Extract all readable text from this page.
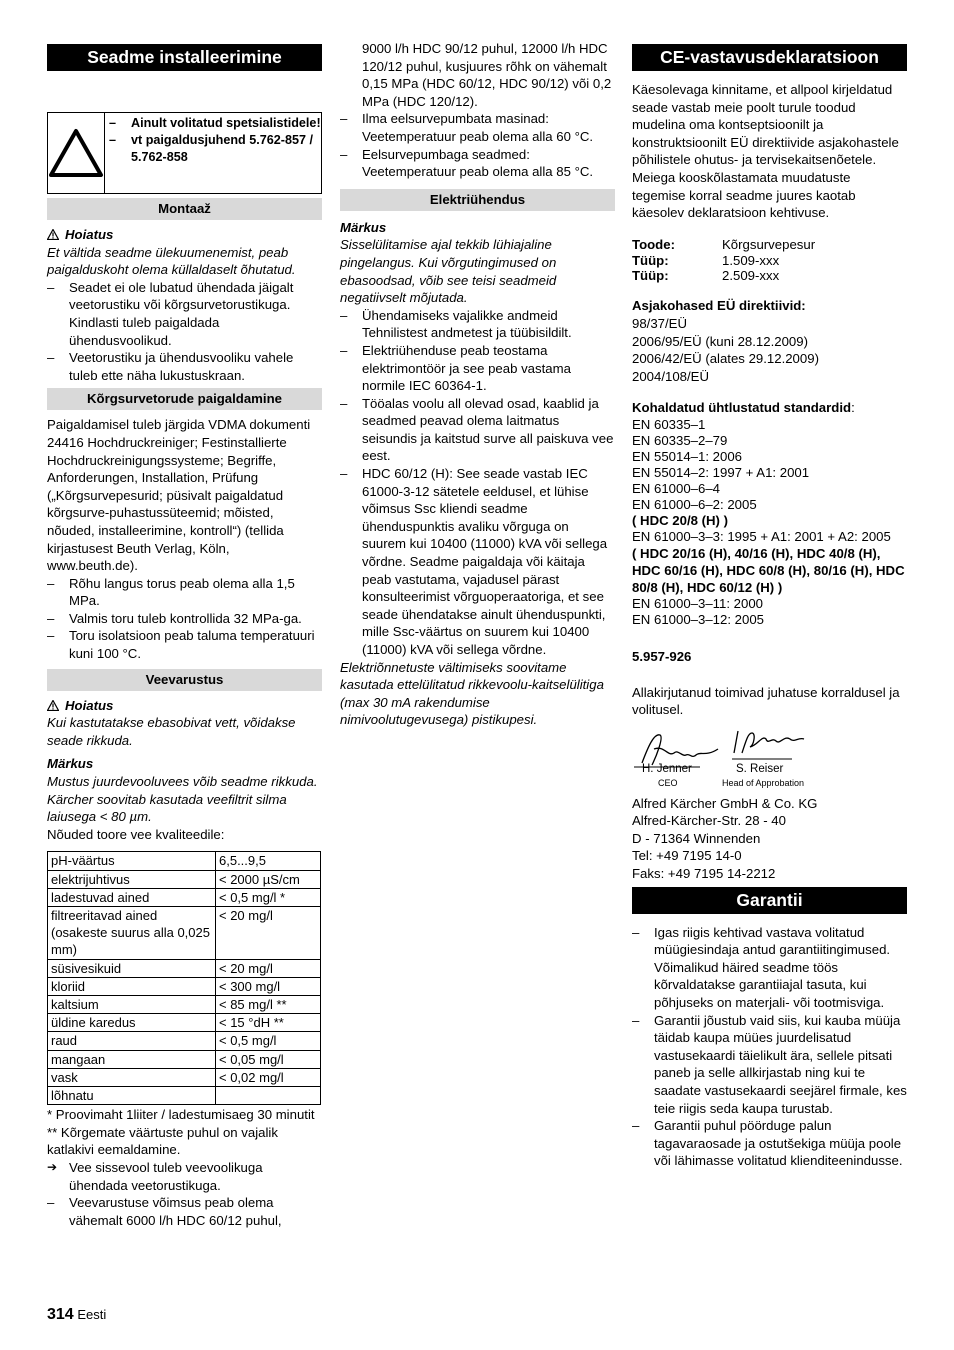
Seadme installeerimine
– Ainult volitatud spetsialistidele!
– vt paigaldusjuhend 5.762-857 / 5.762-858
Montaaž
Hoiatus

Et vältida seadme ülekuumenemist, peab paigalduskoht olema küllaldaselt õhutatud.

– Seadet ei ole lubatud ühendada jäigalt veetorustiku või kõrgsurvetorustikuga. Kindlasti tuleb paigaldada ühendusvoolikud.
– Veetorustiku ja ühendusvooliku vahele tuleb ette näha lukustuskraan.
Kõrgsurvetorude paigaldamine

Paigaldamisel tuleb järgida VDMA dokumenti 24416 Hochdruckreiniger; Festinstallierte Hochdruckreinigungssysteme; Begriffe, Anforderungen, Installation, Prüfung („Kõrgsurvepesurid; püsivalt paigaldatud kõrgsurve-puhastussüteemid; mõisted, nõuded, installeerimine, kontroll“) (tellida kirjastusest Beuth Verlag, Köln, www.beuth.de).

– Rõhu langus torus peab olema alla 1,5 MPa.
– Valmis toru tuleb kontrollida 32 MPa-ga.
– Toru isolatsioon peab taluma temperatuuri kuni 100 °C.
Veevarustus
Hoiatus

Kui kastutatakse ebasobivat vett, võidakse seade rikkuda.

Märkus

Mustus juurdevooluvees võib seadme rikkuda. Kärcher soovitab kasutada veefiltrit silma laiusega < 80 µm.

Nõuded toore vee kvaliteedile:

pH-väärtus	6,5...9,5
elektrijuhtivus	< 2000 µS/cm
ladestuvad ained	< 0,5 mg/l *
filtreeritavad ained (osakeste suurus alla 0,025 mm)	< 20 mg/l
süsivesikuid	< 20 mg/l
kloriid	< 300 mg/l
kaltsium	< 85 mg/l **
üldine karedus	< 15 °dH **
raud	< 0,5 mg/l
mangaan	< 0,05 mg/l
vask	< 0,02 mg/l
lõhnatu	

* Proovimaht 1liiter / ladestumisaeg 30 minutit

** Kõrgemate väärtuste puhul on vajalik katlakivi eemaldamine.

➔ Vee sissevool tuleb veevoolikuga ühendada veetorustikuga.
– Veevarustuse võimsus peab olema vähemalt 6000 l/h HDC 60/12 puhul,

9000 l/h HDC 90/12 puhul, 12000 l/h HDC 120/12 puhul, kusjuures rõhk on vähemalt 0,15 MPa (HDC 60/12, HDC 90/12) või 0,2 MPa (HDC 120/12).

– Ilma eelsurvepumbata masinad: Veetemperatuur peab olema alla 60 °C.
– Eelsurvepumbaga seadmed: Veetemperatuur peab olema alla 85 °C.
Elektriühendus
Märkus

Sisselülitamise ajal tekkib lühiajaline pingelangus. Kui võrgutingimused on ebasoodsad, võib see teisi seadmeid negatiivselt mõjutada.

– Ühendamiseks vajalikke andmeid Tehnilistest andmetest ja tüübisildilt.
– Elektriühenduse peab teostama elektrimontöör ja see peab vastama normile IEC 60364-1.
– Tööalas voolu all olevad osad, kaablid ja seadmed peavad olema laitmatus seisundis ja kaitstud surve all paiskuva vee eest.
– HDC 60/12 (H): See seade vastab IEC 61000-3-12 sätetele eeldusel, et lühise võimsus Ssc kliendi seadme ühenduspunktis avaliku võrguga on suurem kui 10400 (11000) kVA või sellega võrdne. Seadme paigaldaja või käitaja peab vastutama, vajadusel pärast konsulteerimist võrguoperaatoriga, et see seade ühendatakse ainult ühenduspunkti, mille Ssc-väärtus on suurem kui 10400 (11000) kVA või sellega võrdne.

Elektriõnnetuste vältimiseks soovitame kasutada ettelülitatud rikkevoolu-kaitselülitiga (max 30 mA rakendumise nimivoolutugevusega) pistikupesi.

CE-vastavusdeklaratsioon

Käesolevaga kinnitame, et allpool kirjeldatud seade vastab meie poolt turule toodud mudelina oma kontseptsioonilt ja konstruktsioonilt EÜ direktiivide asjakohastele põhilistele ohutus- ja tervisekaitsenõetele. Meiega kooskõlastamata muudatuste tegemise korral seadme juures kaotab käesolev deklaratsioon kehtivuse.

Toode:	Kõrgsurvepesur
Tüüp:	1.509-xxx
Tüüp:	2.509-xxx

Asjakohased EÜ direktiivid:

98/37/EÜ

2006/95/EÜ (kuni 28.12.2009)

2006/42/EÜ (alates 29.12.2009)

2004/108/EÜ

Kohaldatud ühtlustatud standardid:

EN 60335–1

EN 60335–2–79

EN 55014–1: 2006

EN 55014–2: 1997 + A1: 2001

EN 61000–6–4

EN 61000–6–2: 2005

( HDC 20/8 (H) )

EN 61000–3–3: 1995 + A1: 2001 + A2: 2005

( HDC 20/16 (H), 40/16 (H), HDC 40/8 (H), HDC 60/16 (H), HDC 60/8 (H), 80/16 (H), HDC 80/8 (H), HDC 60/12 (H) )

EN 61000–3–11: 2000

EN 61000–3–12: 2005

5.957-926

Allakirjutanud toimivad juhatuse korraldusel ja volitusel.

H. Jenner
CEO
S. Reiser
Head of Approbation

Alfred Kärcher GmbH & Co. KG

Alfred-Kärcher-Str. 28 - 40

D - 71364 Winnenden

Tel: +49 7195 14-0

Faks: +49 7195 14-2212

Garantii
– Igas riigis kehtivad vastava volitatud müügiesindaja antud garantiitingimused. Võimalikud häired seadme töös kõrvaldatakse garantiiajal tasuta, kui põhjuseks on materjali- või tootmisviga.
– Garantii jõustub vaid siis, kui kauba müüja täidab kaupa müües juurdelisatud vastusekaardi täielikult ära, sellele pitsati paneb ja selle allkirjastab ning kui te saadate vastusekaardi seejärel firmale, kes teie riigis seda kaupa turustab.
– Garantii puhul pöörduge palun tagavaraosade ja ostutšekiga müüja poole või lähimasse volitatud klienditeenindusse.
314 Eesti
